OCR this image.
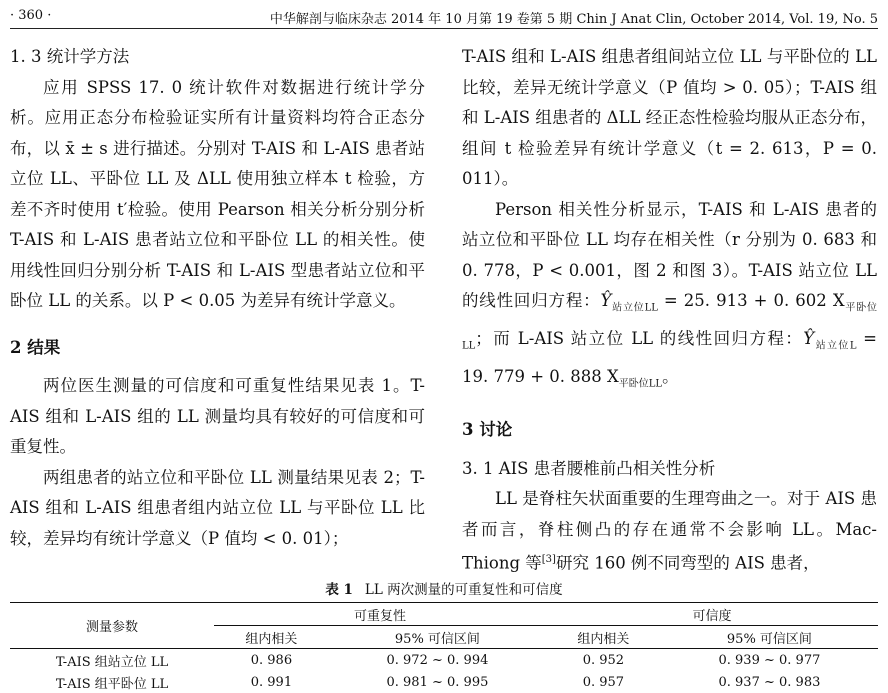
· 360 ·	中华解剖与临床杂志 2014 年 10 月第 19 卷第 5 期 Chin J Anat Clin, October 2014, Vol. 19, No. 5
1. 3 统计学方法

应用 SPSS 17. 0 统计软件对数据进行统计学分析。应用正态分布检验证实所有计量资料均符合正态分布，以 x̄ ± s 进行描述。分别对 T-AIS 和 L-AIS 患者站立位 LL、平卧位 LL 及 ΔLL 使用独立样本 t 检验，方差不齐时使用 t′检验。使用 Pearson 相关分析分别分析 T-AIS 和 L-AIS 患者站立位和平卧位 LL 的相关性。使用线性回归分别分析 T-AIS 和 L-AIS 型患者站立位和平卧位 LL 的关系。以 P < 0.05 为差异有统计学意义。

2 结果

两位医生测量的可信度和可重复性结果见表 1。T-AIS 组和 L-AIS 组的 LL 测量均具有较好的可信度和可重复性。

两组患者的站立位和平卧位 LL 测量结果见表 2；T-AIS 组和 L-AIS 组患者组内站立位 LL 与平卧位 LL 比较，差异均有统计学意义（P 值均 < 0. 01）；

T-AIS 组和 L-AIS 组患者组间站立位 LL 与平卧位的 LL 比较，差异无统计学意义（P 值均 > 0. 05）；T-AIS 组和 L-AIS 组患者的 ΔLL 经正态性检验均服从正态分布，组间 t 检验差异有统计学意义（t = 2. 613，P = 0. 011）。

Person 相关性分析显示，T-AIS 和 L-AIS 患者的站立位和平卧位 LL 均存在相关性（r 分别为 0. 683 和 0. 778，P < 0.001，图 2 和图 3）。T-AIS 站立位 LL 的线性回归方程：$Ŷ_{站立位LL} = 25$. 913 + 0. 602 $X_{平卧位LL}$；而 L-AIS 站立位 LL 的线性回归方程：$Ŷ_{站立位L} = 19$. 779 + 0. 888 $X_{平卧位LL}$。

3 讨论
3. 1 AIS 患者腰椎前凸相关性分析

LL 是脊柱矢状面重要的生理弯曲之一。对于 AIS 患者而言，脊柱侧凸的存在通常不会影响 LL。Mac-Thiong 等[3]研究 160 例不同弯型的 AIS 患者，

表 1 LL 两次测量的可重复性和可信度
测量参数	可重复性		可信度	
	组内相关	95% 可信区间	组内相关	95% 可信区间
T-AIS 组站立位 LL	0. 986	0. 972 ~ 0. 994	0. 952	0. 939 ~ 0. 977
T-AIS 组平卧位 LL	0. 991	0. 981 ~ 0. 995	0. 957	0. 937 ~ 0. 983
